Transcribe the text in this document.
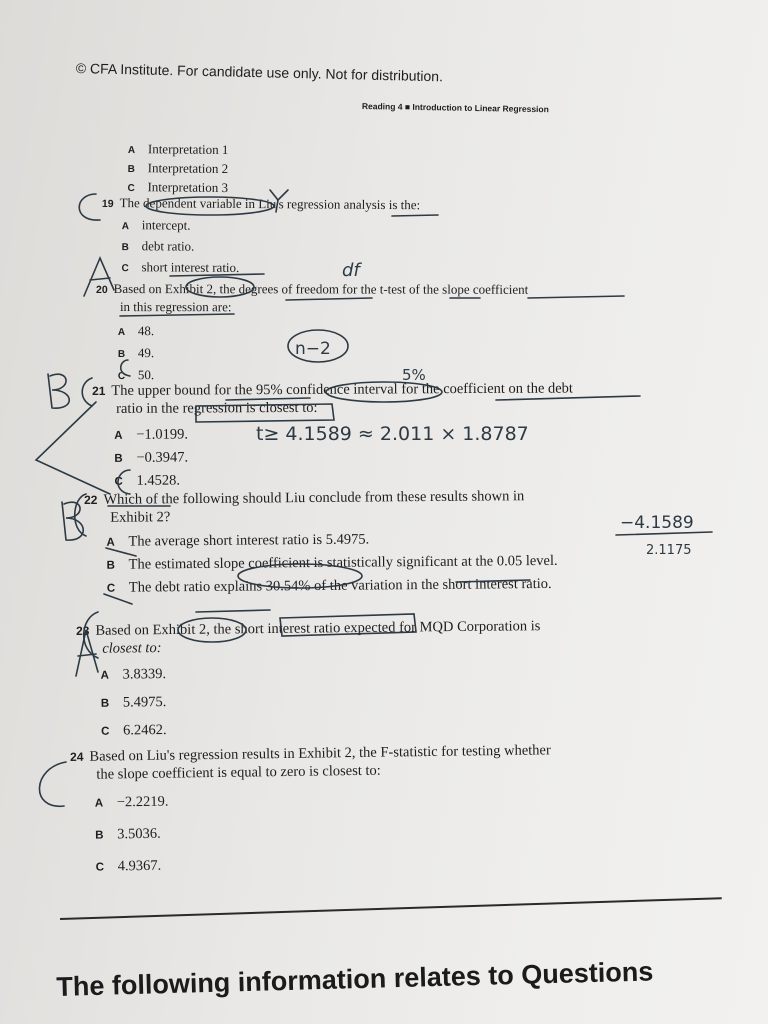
© CFA Institute. For candidate use only. Not for distribution.
Reading 4 ■ Introduction to Linear Regression
A Interpretation 1
B Interpretation 2
C Interpretation 3
19 The dependent variable in Liu's regression analysis is the:
A intercept.
B debt ratio.
C short interest ratio.
20 Based on Exhibit 2, the degrees of freedom for the t-test of the slope coefficient
in this regression are:
A 48.
B 49.
C 50.
21 The upper bound for the 95% confidence interval for the coefficient on the debt
ratio in the regression is closest to:
A −1.0199.
B −0.3947.
C 1.4528.
22 Which of the following should Liu conclude from these results shown in
Exhibit 2?
A The average short interest ratio is 5.4975.
B The estimated slope coefficient is statistically significant at the 0.05 level.
C The debt ratio explains 30.54% of the variation in the short interest ratio.
23 Based on Exhibit 2, the short interest ratio expected for MQD Corporation is
closest to:
A 3.8339.
B 5.4975.
C 6.2462.
24 Based on Liu's regression results in Exhibit 2, the F-statistic for testing whether
the slope coefficient is equal to zero is closest to:
A −2.2219.
B 3.5036.
C 4.9367.
The following information relates to Questions
df
n−2
5%
t≥ 4.1589 ≈ 2.011 × 1.8787
−4.1589
2.1175
